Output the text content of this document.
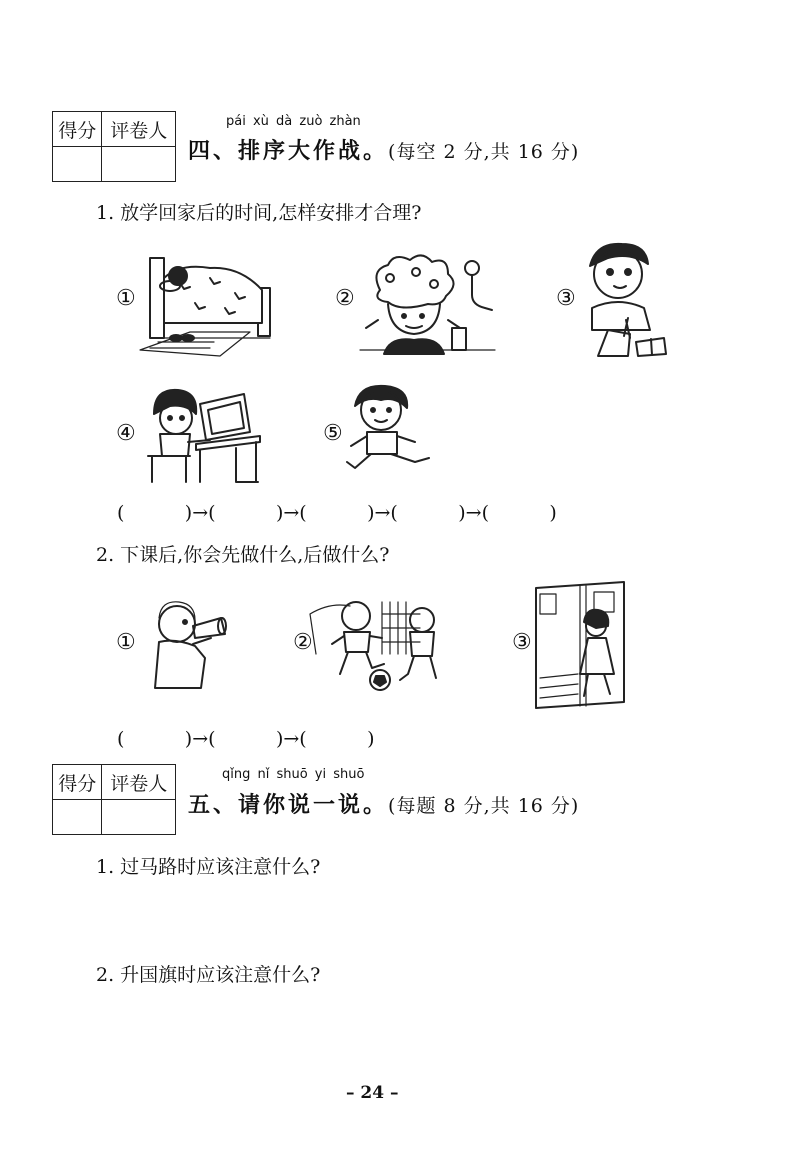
得分	评卷人
		pái xù dà zuò zhàn
四、排序大作战。(每空 2 分,共 16 分)
1. 放学回家后的时间,怎样安排才合理?
①	②	③
④	⑤
(          )→(          )→(          )→(          )→(          )
2. 下课后,你会先做什么,后做什么?
①	②	③
(          )→(          )→(          )
得分	评卷人
		qǐng nǐ shuō yi shuō
五、请你说一说。(每题 8 分,共 16 分)
1. 过马路时应该注意什么?
2. 升国旗时应该注意什么?
– 24 –
